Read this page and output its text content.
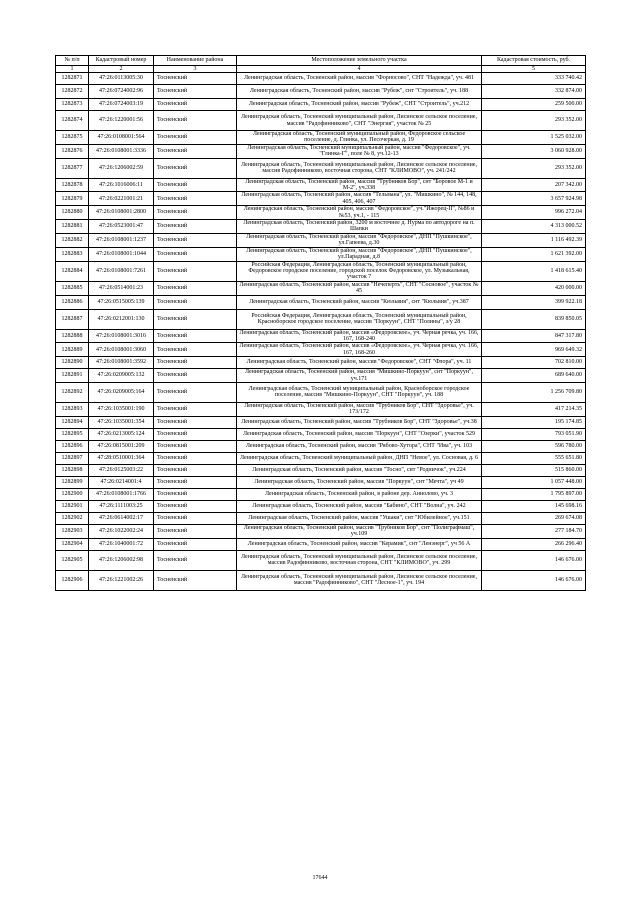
№ п/п	Кадастровый номер	Наименование района	Местоположение земельного участка	Кадастровая стоимость, руб.
1	2	3	4	5
1282871	47:26:0113005:30	Тосненский	Ленинградская область, Тосненский район, массив "Форносово", СНТ "Надежда", уч. 481	333 740.42
1282872	47:26:0724002:96	Тосненский	Ленинградская область, Тосненский район, массив "Рубеж", снт "Строитель", уч. 188	332 874.00
1282873	47:26:0724003:19	Тосненский	Ленинградская область, Тосненский район, массив "Рубеж", СНТ "Строитель", уч.212	259 500.00
1282874	47:26:1220001:56	Тосненский	Ленинградская область, Тосненский муниципальный район, Лисинское сельское поселение, массив "Радофинниково", СНТ "Энергия", участок № 25	293 352.00
1282875	47:26:0108001:564	Тосненский	Ленинградская область, Тосненский муниципальный район, Федоровское сельское поселение, д. Глинка, ул. Песочеркая, д. 19	1 525 032.00
1282876	47:26:0108001:3336	Тосненский	Ленинградская область, Тосненский муниципальный район, массив "Федоровское", уч. "Глинка-Г", поле № 8, уч.12-13	3 060 928.00
1282877	47:26:1206002:59	Тосненский	Ленинградская область, Тосненский муниципальный район, Лисинское сельское поселение, массив Радофинниково, восточная сторона, СНТ "КЛИМОВО", уч. 241/242	293 352.00
1282878	47:26:1016006:11	Тосненский	Ленинградская область, Тосненский район, массив "Трубников Бор", снт "Боровое М-1 и М-2", уч.338	207 342.00
1282879	47:26:0221001:21	Тосненский	Ленинградская область, Тосненский район, массив "Тельмана", ул. "Мишкино", № 144, 148, 405, 406, 407	3 657 924.98
1282880	47:26:0108001:2800	Тосненский	Ленинградская область, Тосненский район, массив "Федоровское", уч."Ижорец-II", №86 и №53, уч.1, - 115	996 272.04
1282881	47:26:0523001:47	Тосненский	Ленинградская область, Тосненский район, 3200 м восточнее д. Нурма по автодороге на п. Шапки	4 313 000.52
1282882	47:26:0108001:1237	Тосненский	Ленинградская область, Тосненский район, массив "Федоровское", ДНП "Пушкинское", ул.Гапеева, д.30	1 116 492.39
1282883	47:26:0108001:1044	Тосненский	Ленинградская область, Тосненский район, массив "Федоровское", ДНП "Пушкинское", ул.Парадная, д.8	1 621 392.00
1282884	47:26:0108001:7261	Тосненский	Российская Федерация, Ленинградская область, Тосненский муниципальный район, Федоровское городское поселение, городской поселок Федоровское, ул. Музыкальная, участок 7	1 418 615.40
1282885	47:26:0514001:23	Тосненский	Ленинградская область, Тосненский район, массив "Нечеперть", СНТ "Сосновое", участок № 45	420 000.00
1282886	47:26:0515005:139	Тосненский	Ленинградская область, Тосненский район, массив "Кюльвия", снт "Кюльвия", уч.387	399 922.18
1282887	47:26:0212001:130	Тосненский	Российская Федерация, Ленинградская область, Тосненский муниципальный район, Красноборское городское поселение, массив "Поркуун", СНТ "Полины", з/у 28	839 850.05
1282888	47:26:0108001:3016	Тосненский	Ленинградская область, Тосненский район, массив «Федоровское», уч. Черная речка, уч. 166, 167, 168-240	847 317.80
1282889	47:26:0108001:3060	Тосненский	Ленинградская область, Тосненский район, массив «Федоровское», уч. Черная речка, уч. 166, 167, 168-260	969 649.32
1282890	47:26:0108001:3592	Тосненский	Ленинградская область, Тосненский район, массив "Федоровское", СНТ "Флора", уч. 11	702 810.00
1282891	47:26:0209005:132	Тосненский	Ленинградская область, Тосненский район, массив "Мишкино-Поркуун", снт "Поркуун", уч.171	689 640.00
1282892	47:26:0209005:164	Тосненский	Ленинградская область, Тосненский муниципальный район, Красноборское городское поселение, массив "Мишкино-Поркуун", СНТ "Поркуун", уч. 188	1 256 709.80
1282893	47:26:1035001:190	Тосненский	Ленинградская область, Тосненский район, массив "Трубников Бор", СНТ "Здоровье", уч. 173/172	417 214.35
1282894	47:26:1035001:354	Тосненский	Ленинградская область, Тосненский район, массив "Трубников Бор", СНТ "Здоровье", уч.38	195 174.85
1282895	47:26:0213005:124	Тосненский	Ленинградская область, Тосненский район, массив "Поркуун", СНТ "Озерки", участок 529	793 051.90
1282896	47:26:0815001:209	Тосненский	Ленинградская область, Тосненский район, массив "Рябово-Хутора", СНТ "Ива", уч. 103	596 780.00
1282897	47:28:0510001:364	Тосненский	Ленинградская область, Тосненский муниципальный район, ДНП "Невое", ул. Сосновая, д. 6	555 651.80
1282898	47:26:0125003:22	Тосненский	Ленинградская область, Тосненский район, массив "Тосно", снт "Родничок", уч.224	515 860.00
1282899	47:26:0214001:4	Тосненский	Ленинградская область, Тосненский район, массив "Поркуун", снт "Мечта", уч 49	1 057 448.00
1282900	47:26:0108001:1766	Тосненский	Ленинградская область, Тосненский район, в районе дер. Аннолово, уч. 3	1 795 897.00
1282901	47:26:1111003:25	Тосненский	Ленинградская область, Тосненский район, массив "Бабино", СНТ "Волна", уч. 242	145 698.16
1282902	47:26:0614002:17	Тосненский	Ленинградская область, Тосненский район, массив "Ушаки", снт "Юбилейное", уч.151	269 674.08
1282903	47:26:1022002:24	Тосненский	Ленинградская область, Тосненский район, массив "Трубников Бор", снт "Полиграфмаш", уч.109	277 184.70
1282904	47:26:1040001:72	Тосненский	Ленинградская область, Тосненский район, массив "Керамик", снт "Ленэнерг", уч 56 А	266 296.40
1282905	47:26:1206002:98	Тосненский	Ленинградская область, Тосненский муниципальный район, Лисинское сельское поселение, массив Радофинниково, восточная сторона, СНТ "КЛИМОВО", уч. 299	146 676.00
1282906	47:26:1221002:26	Тосненский	Ленинградская область, Тосненский муниципальный район, Лисинское сельское поселение, массив "Радофинниково", СНТ "Лесное-1", уч. 194	146 676.00
17644
